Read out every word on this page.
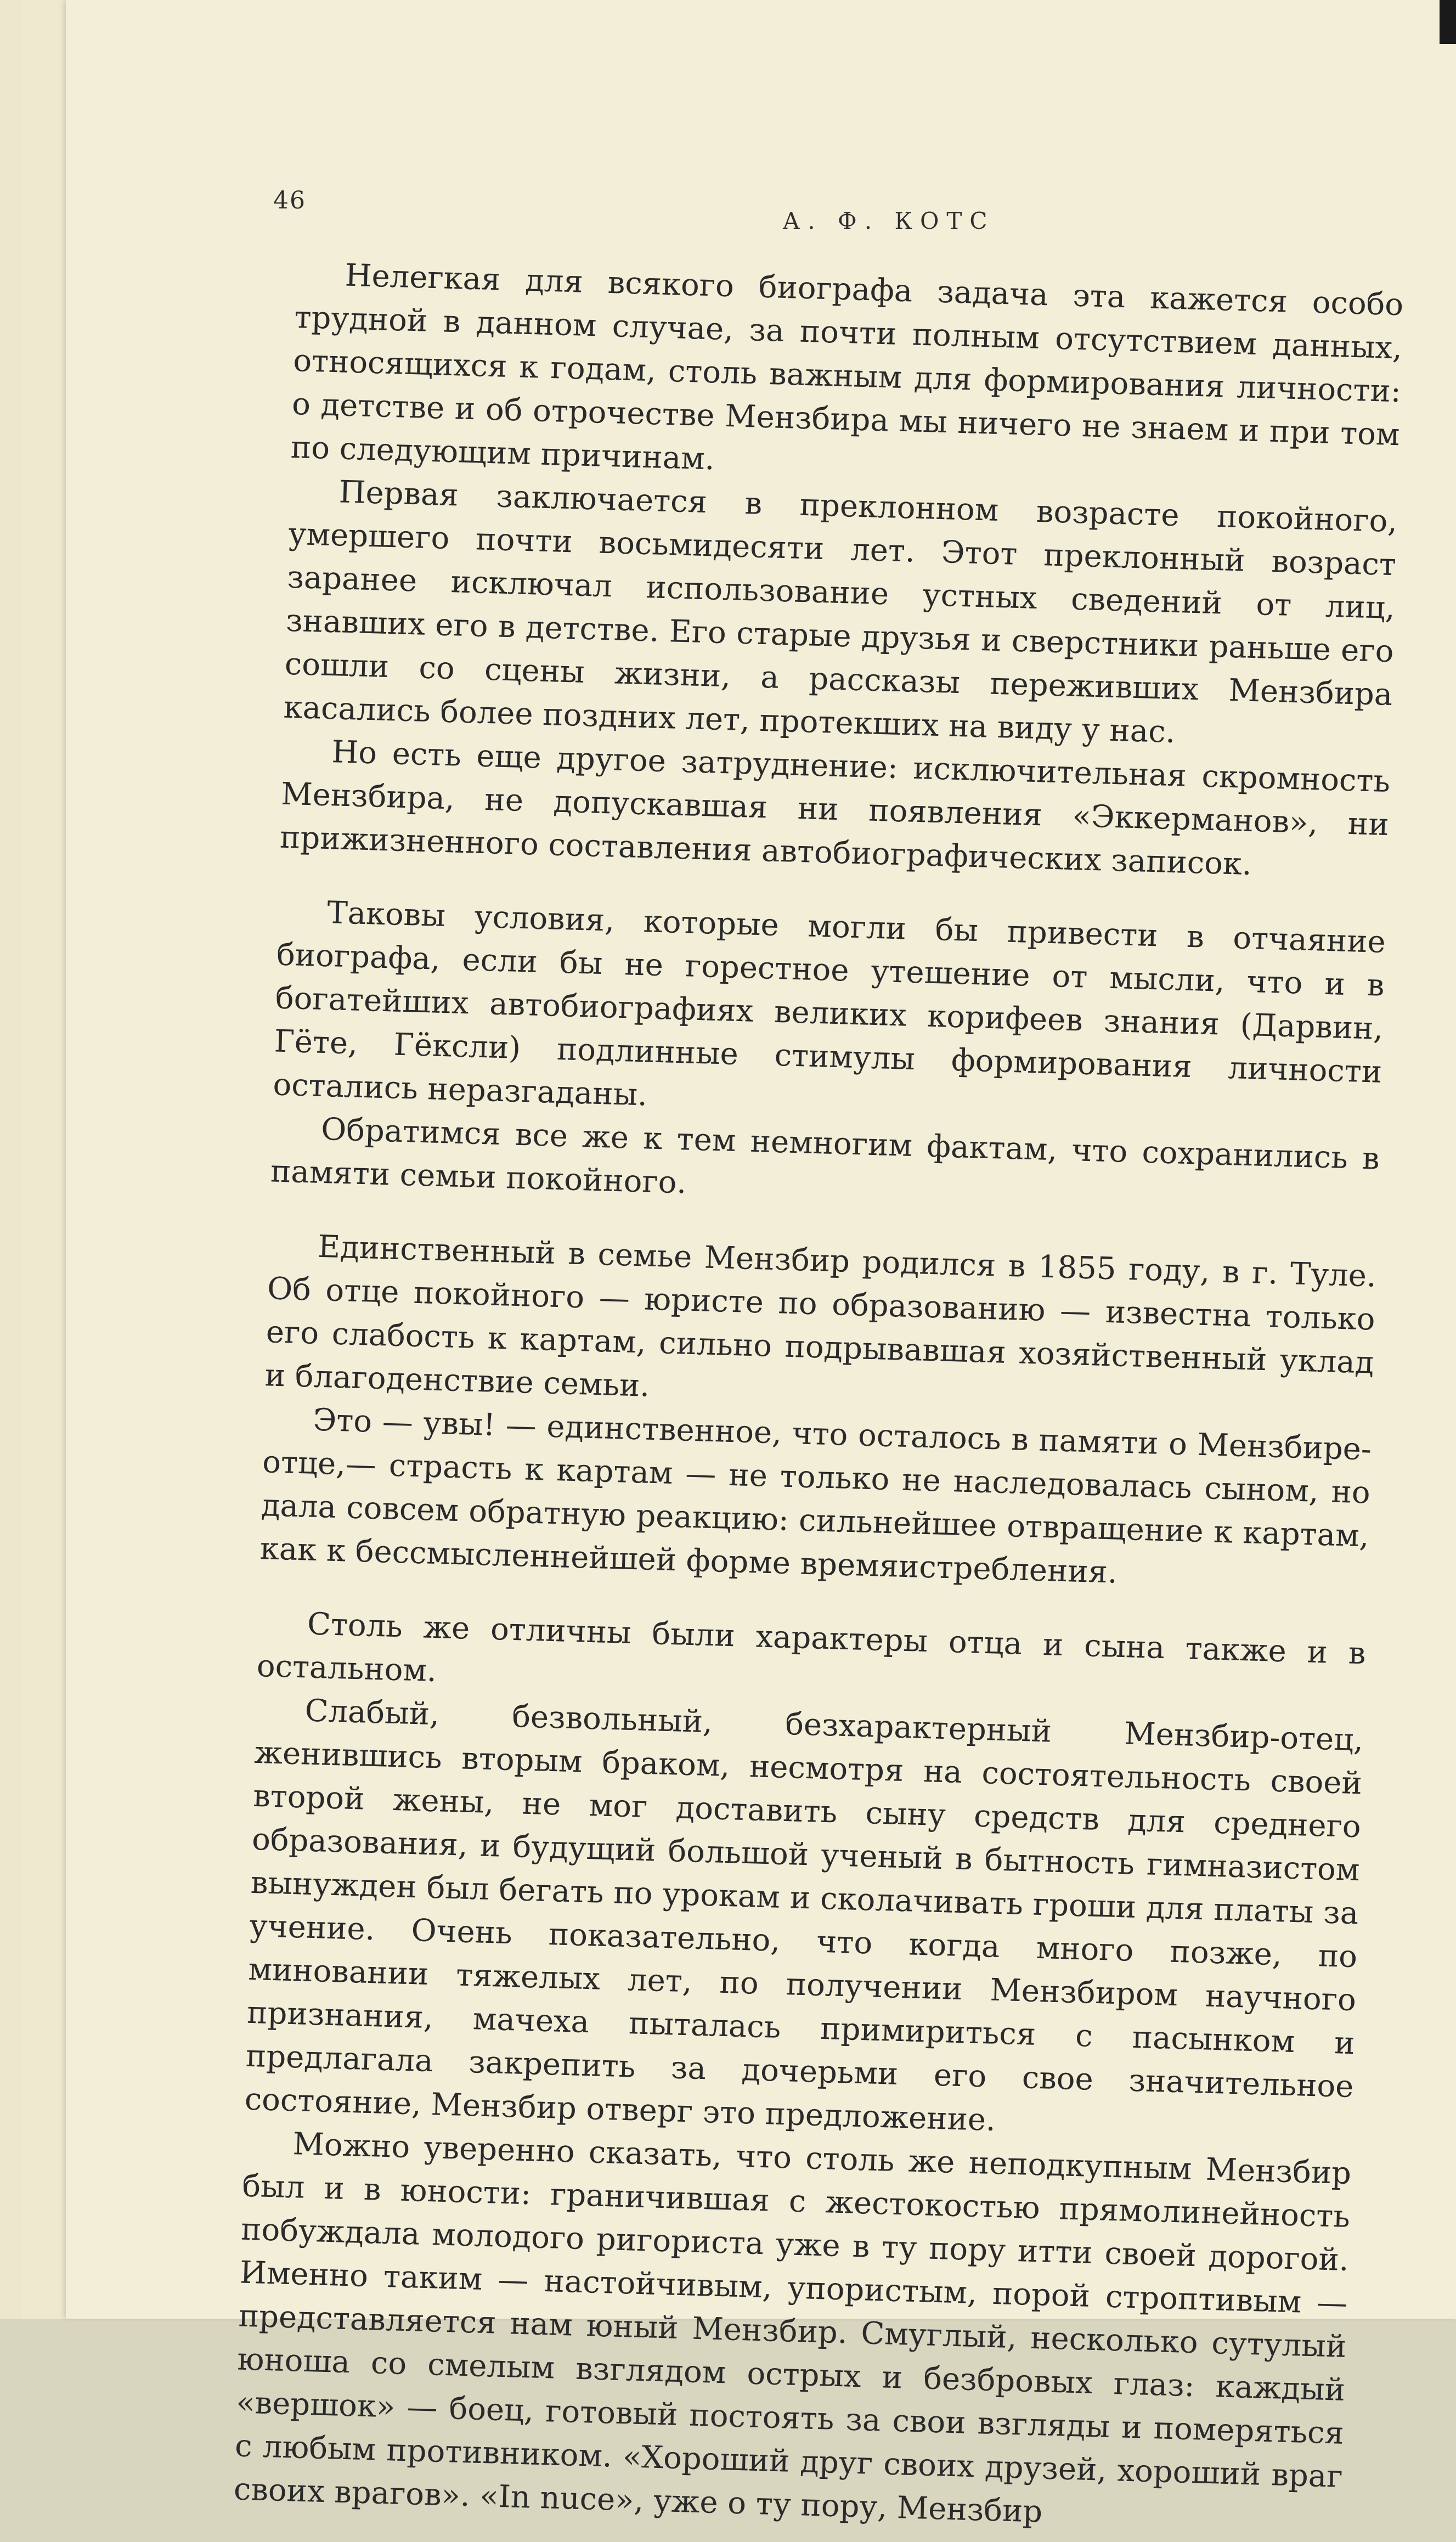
46
А. Ф. КОТС

Нелегкая для всякого биографа задача эта кажется особо трудной в данном случае, за почти полным отсутствием данных, относящихся к годам, столь важным для формирования личности: о детстве и об отрочестве Мензбира мы ничего не знаем и при том по следующим причинам.

Первая заключается в преклонном возрасте покойного, умершего почти восьмидесяти лет. Этот преклонный возраст заранее исключал использование устных сведений от лиц, знавших его в детстве. Его старые друзья и сверстники раньше его сошли со сцены жизни, а рассказы переживших Мензбира касались более поздних лет, протекших на виду у нас.

Но есть еще другое затруднение: исключительная скромность Мензбира, не допускавшая ни появления «Эккерманов», ни прижизненного составления автобиографических записок.

Таковы условия, которые могли бы привести в отчаяние биографа, если бы не горестное утешение от мысли, что и в богатейших автобиографиях великих корифеев знания (Дарвин, Гёте, Гёксли) подлинные стимулы формирования личности остались неразгаданы.

Обратимся все же к тем немногим фактам, что сохранились в памяти семьи покойного.

Единственный в семье Мензбир родился в 1855 году, в г. Туле. Об отце покойного — юристе по образованию — известна только его слабость к картам, сильно подрывавшая хозяйственный уклад и благоденствие семьи.

Это — увы! — единственное, что осталось в памяти о Мензбире-отце,— страсть к картам — не только не наследовалась сыном, но дала совсем обратную реакцию: сильнейшее отвращение к картам, как к бессмысленнейшей форме времяистребления.

Столь же отличны были характеры отца и сына также и в остальном.

Слабый, безвольный, безхарактерный Мензбир-отец, женившись вторым браком, несмотря на состоятельность своей второй жены, не мог доставить сыну средств для среднего образования, и будущий большой ученый в бытность гимназистом вынужден был бегать по урокам и сколачивать гроши для платы за учение. Очень показательно, что когда много позже, по миновании тяжелых лет, по получении Мензбиром научного признания, мачеха пыталась примириться с пасынком и предлагала закрепить за дочерьми его свое значительное состояние, Мензбир отверг это предложение.

Можно уверенно сказать, что столь же неподкупным Мензбир был и в юности: граничившая с жестокостью прямолинейность побуждала молодого ригориста уже в ту пору итти своей дорогой. Именно таким — настойчивым, упористым, порой строптивым — представляется нам юный Мензбир. Смуглый, несколько сутулый юноша со смелым взглядом острых и безбровых глаз: каждый «вершок» — боец, готовый постоять за свои взгляды и померяться с любым противником. «Хороший друг своих друзей, хороший враг своих врагов». «In nuce», уже о ту пору, Мензбир
